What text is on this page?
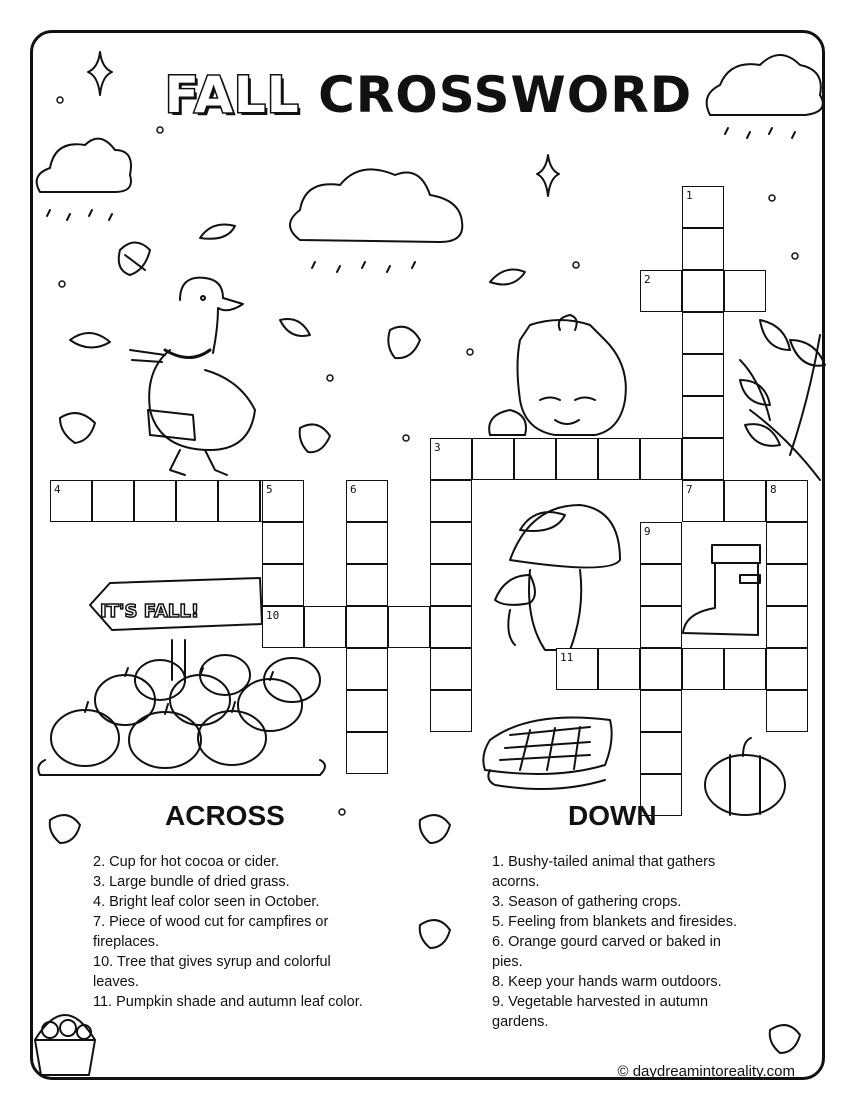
FALL CROSSWORD
IT'S FALL!
1
2
3
4	5	6	7	8
9
10
11
ACROSS	DOWN
2. Cup for hot cocoa or cider.
3. Large bundle of dried grass.
4. Bright leaf color seen in October.
7. Piece of wood cut for campfires or
fireplaces.
10. Tree that gives syrup and colorful
leaves.
11. Pumpkin shade and autumn leaf color.
1. Bushy-tailed animal that gathers
acorns.
3. Season of gathering crops.
5. Feeling from blankets and firesides.
6. Orange gourd carved or baked in
pies.
8. Keep your hands warm outdoors.
9. Vegetable harvested in autumn
gardens.
© daydreamintoreality.com
